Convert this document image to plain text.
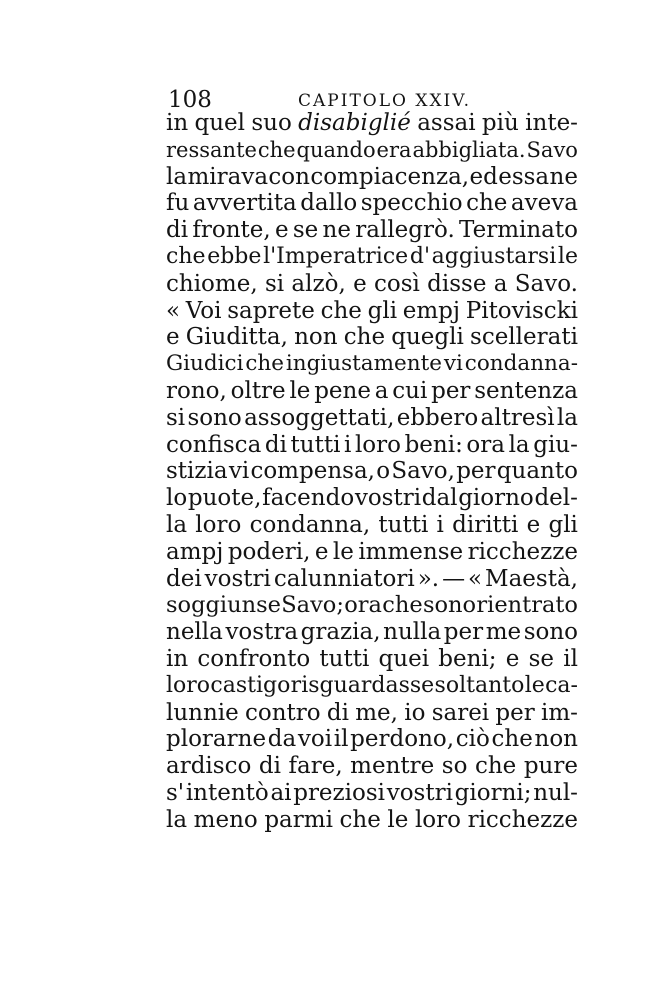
108	CAPITOLO XXIV.
in quel suo disabiglié assai più inte-
ressante che quando era abbigliata. Savo
la mirava con compiacenza, ed essa ne
fu avvertita dallo specchio che aveva
di fronte, e se ne rallegrò. Terminato
che ebbe l'Imperatrice d' aggiustarsi le
chiome, si alzò, e così disse a Savo.
« Voi saprete che gli empj Pitoviscki
e Giuditta, non che quegli scellerati
Giudici che ingiustamente vi condanna-
rono, oltre le pene a cui per sentenza
si sono assoggettati, ebbero altresì la
confisca di tutti i loro beni: ora la giu-
stizia vi compensa, o Savo, per quanto
lo puote, facendo vostri dal giorno del-
la loro condanna, tutti i diritti e gli
ampj poderi, e le immense ricchezze
dei vostri calunniatori ». — « Maestà,
soggiunse Savo; ora che sono rientrato
nella vostra grazia, nulla per me sono
in confronto tutti quei beni; e se il
loro castigo risguardasse soltanto le ca-
lunnie contro di me, io sarei per im-
plorarne da voi il perdono, ciò che non
ardisco di fare, mentre so che pure
s' intentò ai preziosi vostri giorni; nul-
la meno parmi che le loro ricchezze
